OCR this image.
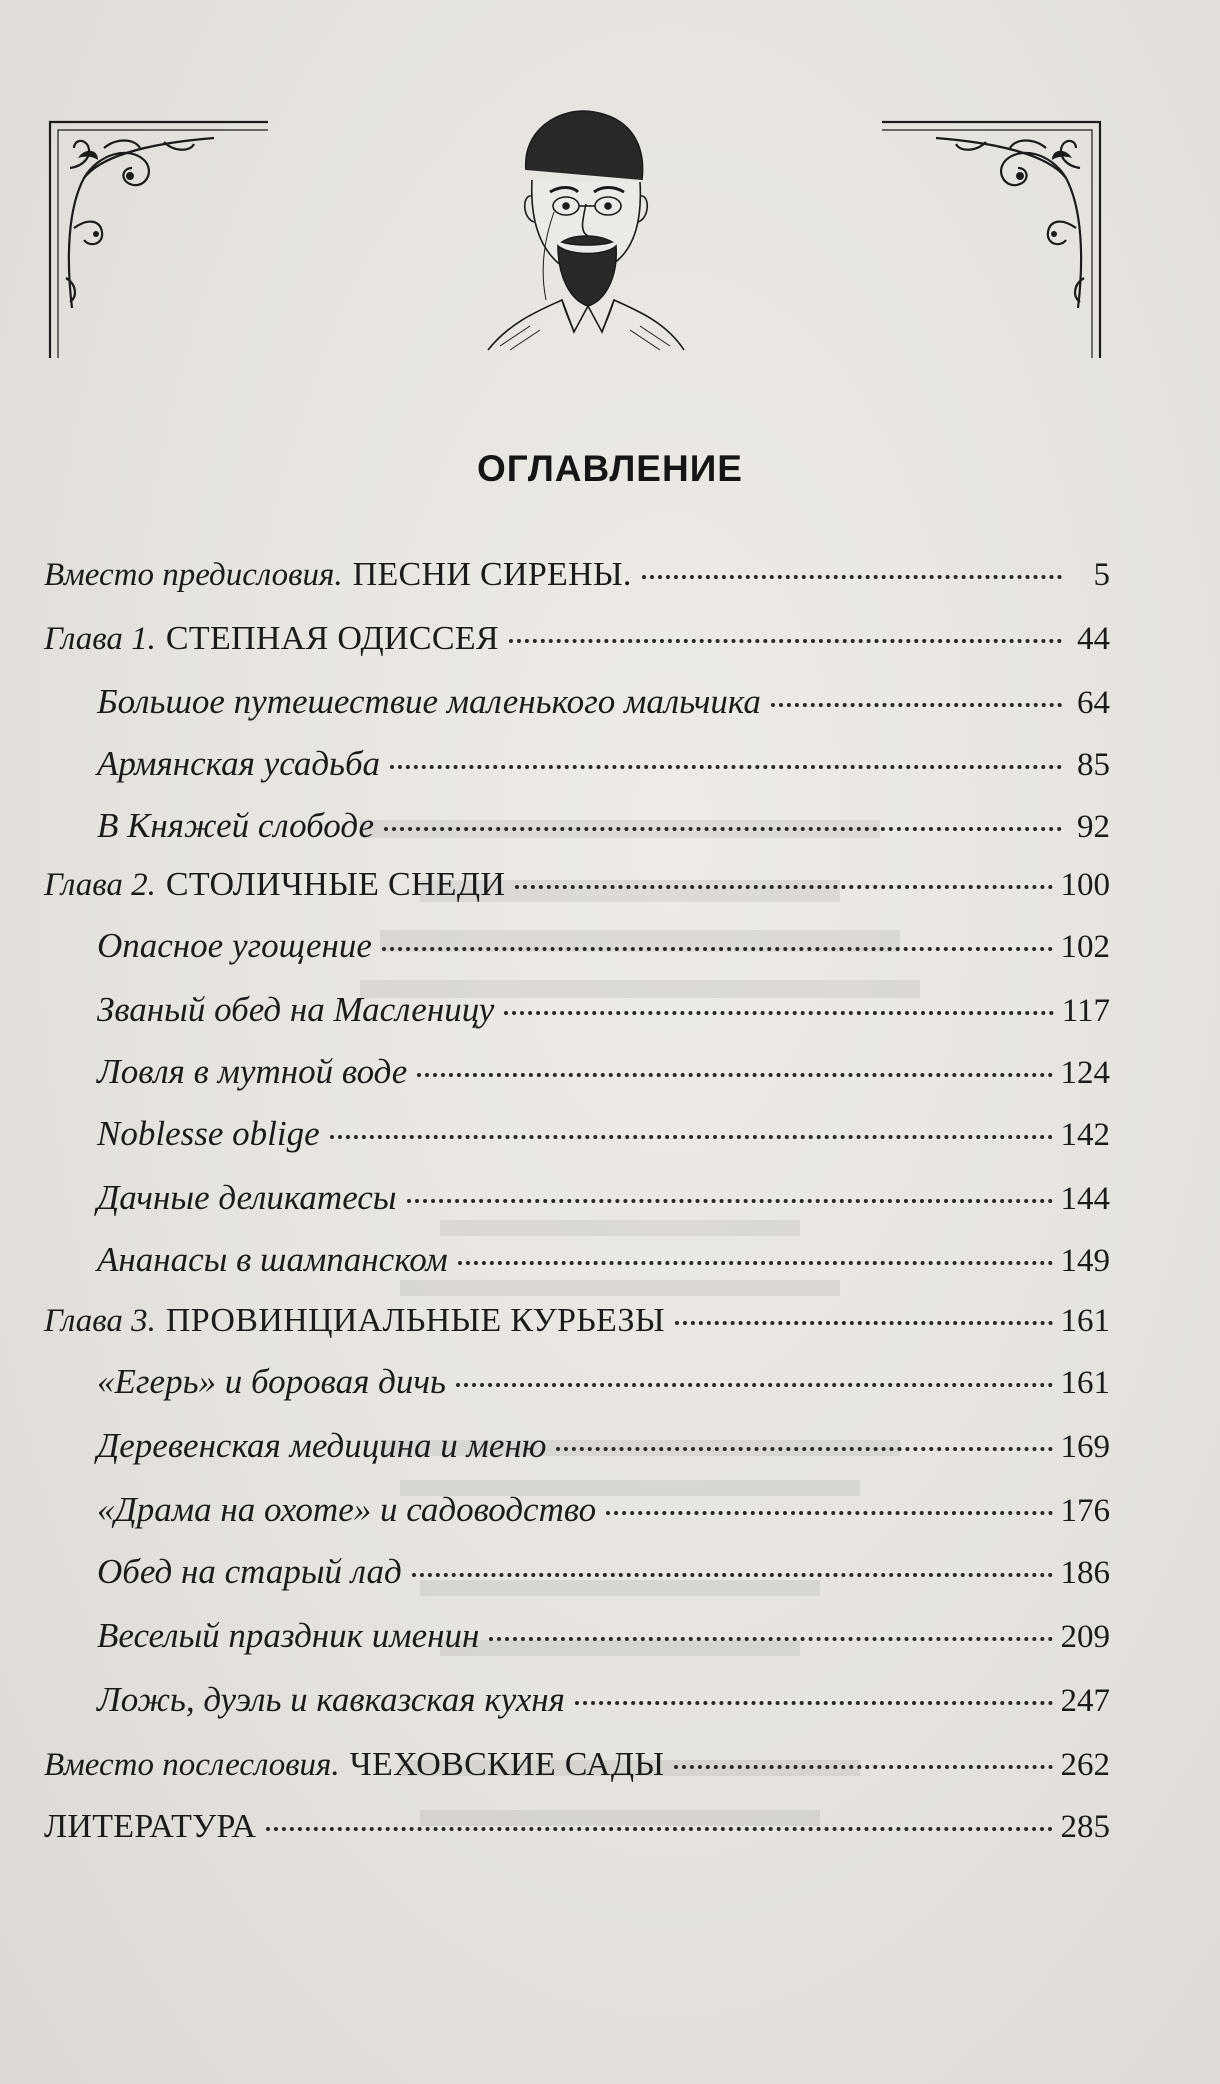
ОГЛАВЛЕНИЕ
Вместо предисловия. ПЕСНИ СИРЕНЫ.	5
Глава 1. СТЕПНАЯ ОДИССЕЯ	44
Большое путешествие маленького мальчика	64
Армянская усадьба	85
В Княжей слободе	92
Глава 2. СТОЛИЧНЫЕ СНЕДИ	100
Опасное угощение	102
Званый обед на Масленицу	117
Ловля в мутной воде	124
Noblesse oblige	142
Дачные деликатесы	144
Ананасы в шампанском	149
Глава 3. ПРОВИНЦИАЛЬНЫЕ КУРЬЕЗЫ	161
«Егерь» и боровая дичь	161
Деревенская медицина и меню	169
«Драма на охоте» и садоводство	176
Обед на старый лад	186
Веселый праздник именин	209
Ложь, дуэль и кавказская кухня	247
Вместо послесловия. ЧЕХОВСКИЕ САДЫ	262
ЛИТЕРАТУРА	285
